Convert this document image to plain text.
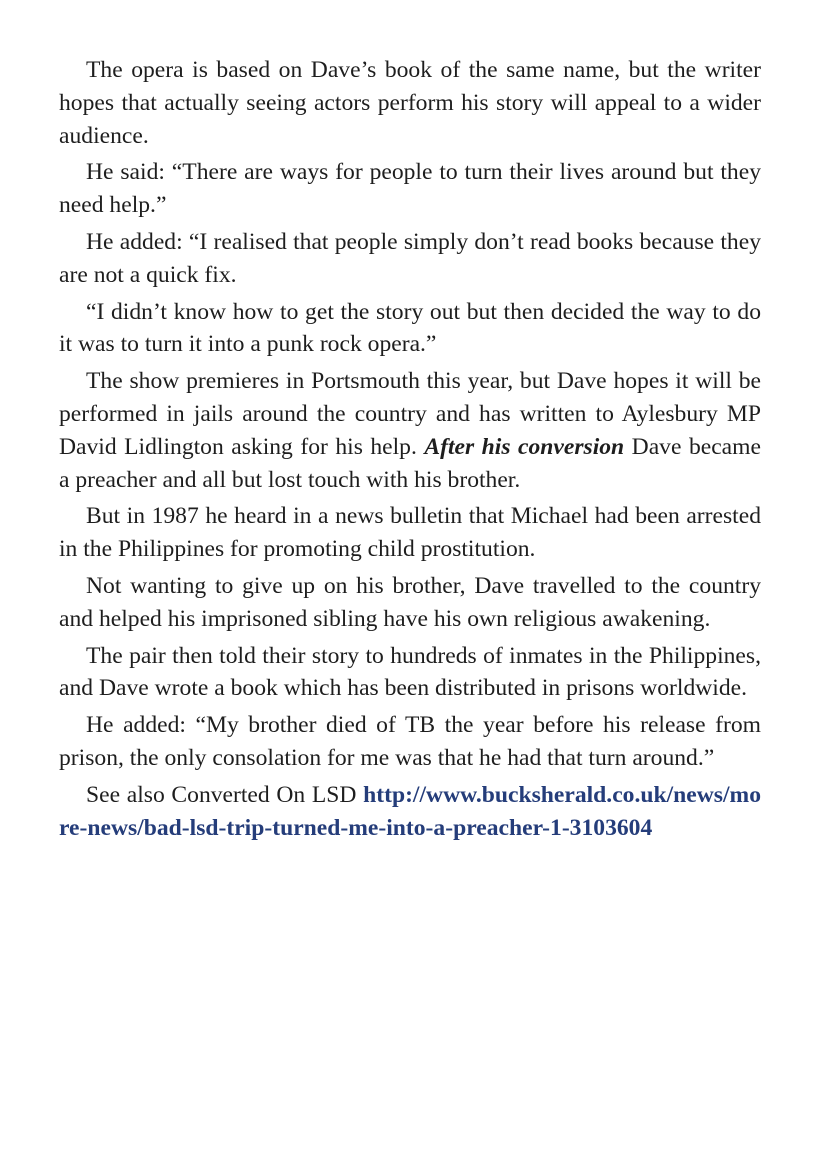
The opera is based on Dave’s book of the same name, but the writer hopes that actually seeing actors perform his story will appeal to a wider audience.

He said: “There are ways for people to turn their lives around but they need help.”

He added: “I realised that people simply don’t read books because they are not a quick fix.

“I didn’t know how to get the story out but then decided the way to do it was to turn it into a punk rock opera.”

The show premieres in Portsmouth this year, but Dave hopes it will be performed in jails around the country and has written to Aylesbury MP David Lidlington asking for his help. After his conversion Dave became a preacher and all but lost touch with his brother.

But in 1987 he heard in a news bulletin that Michael had been arrested in the Philippines for promoting child prostitution.

Not wanting to give up on his brother, Dave travelled to the country and helped his imprisoned sibling have his own religious awakening.

The pair then told their story to hundreds of inmates in the Philippines, and Dave wrote a book which has been distributed in prisons worldwide.

He added: “My brother died of TB the year before his release from prison, the only consolation for me was that he had that turn around.”

See also Converted On LSD http://www.bucksherald.co.uk/news/more-news/bad-lsd-trip-turned-me-into-a-preacher-1-3103604
